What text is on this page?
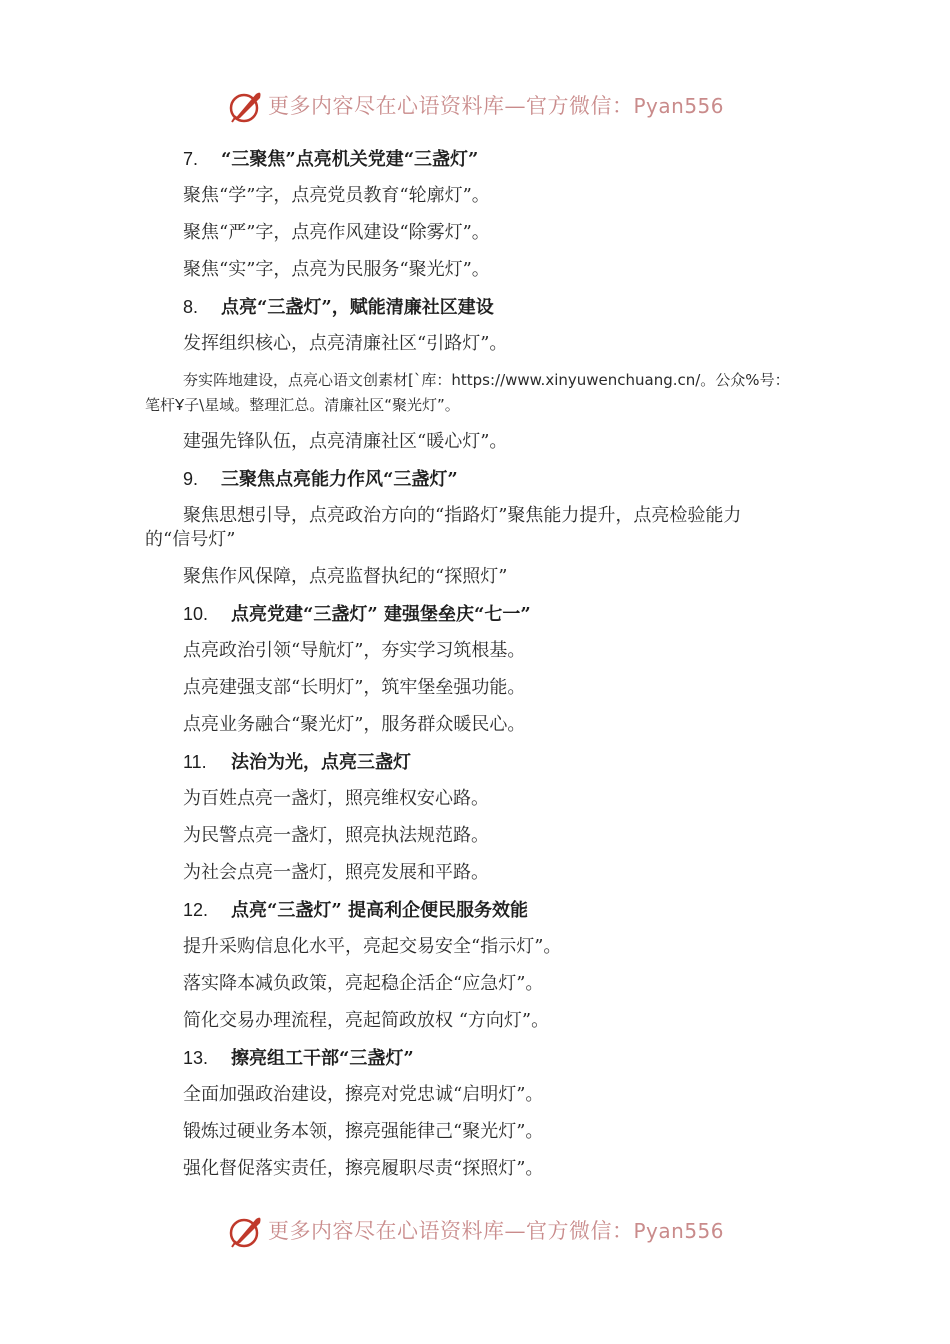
更多内容尽在心语资料库—官方微信：Pyan556
7. “三聚焦”点亮机关党建“三盏灯”
聚焦“学”字，点亮党员教育“轮廓灯”。
聚焦“严”字，点亮作风建设“除雾灯”。
聚焦“实”字，点亮为民服务“聚光灯”。
8. 点亮“三盏灯”，赋能清廉社区建设
发挥组织核心，点亮清廉社区“引路灯”。
夯实阵地建设，点亮心语文创素材[`库：https://www.xinyuwenchuang.cn/。公众%号：
笔杆Ұ子\星域。整理汇总。清廉社区“聚光灯”。
建强先锋队伍，点亮清廉社区“暖心灯”。
9. 三聚焦点亮能力作风“三盏灯”
聚焦思想引导，点亮政治方向的“指路灯”聚焦能力提升，点亮检验能力
的“信号灯”
聚焦作风保障，点亮监督执纪的“探照灯”
10. 点亮党建“三盏灯” 建强堡垒庆“七一”
点亮政治引领“导航灯”，夯实学习筑根基。
点亮建强支部“长明灯”，筑牢堡垒强功能。
点亮业务融合“聚光灯”，服务群众暖民心。
11. 法治为光，点亮三盏灯
为百姓点亮一盏灯，照亮维权安心路。
为民警点亮一盏灯，照亮执法规范路。
为社会点亮一盏灯，照亮发展和平路。
12. 点亮“三盏灯” 提高利企便民服务效能
提升采购信息化水平，亮起交易安全“指示灯”。
落实降本减负政策，亮起稳企活企“应急灯”。
简化交易办理流程，亮起简政放权 “方向灯”。
13. 擦亮组工干部“三盏灯”
全面加强政治建设，擦亮对党忠诚“启明灯”。
锻炼过硬业务本领，擦亮强能律己“聚光灯”。
强化督促落实责任，擦亮履职尽责“探照灯”。
更多内容尽在心语资料库—官方微信：Pyan556
